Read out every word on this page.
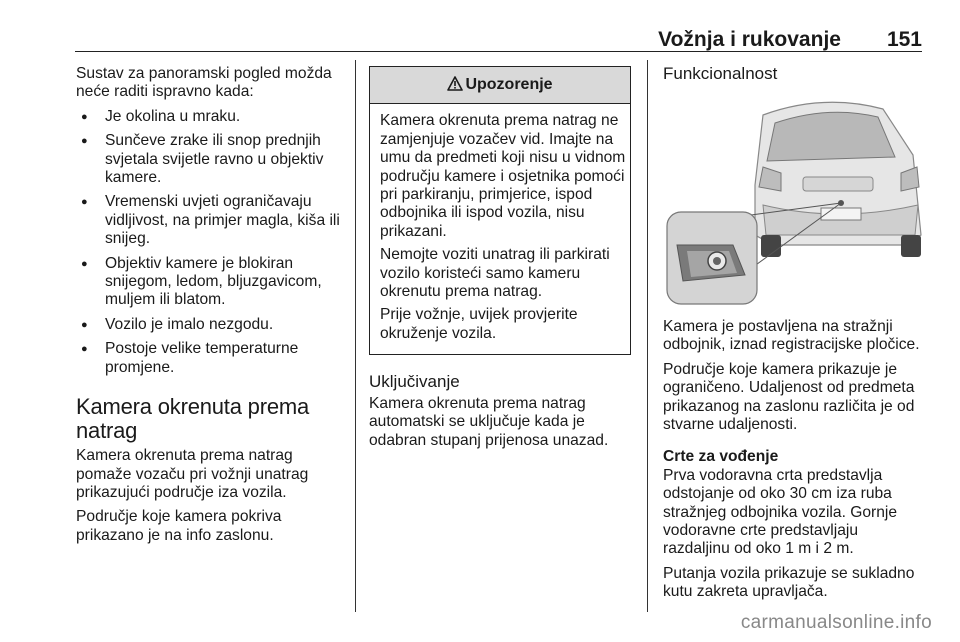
Vožnja i rukovanje 151

Sustav za panoramski pogled možda neće raditi ispravno kada:

● Je okolina u mraku.
● Sunčeve zrake ili snop prednjih svjetala svijetle ravno u objektiv kamere.
● Vremenski uvjeti ograničavaju vidljivost, na primjer magla, kiša ili snijeg.
● Objektiv kamere je blokiran snijegom, ledom, bljuzgavicom, muljem ili blatom.
● Vozilo je imalo nezgodu.
● Postoje velike temperaturne promjene.
Kamera okrenuta prema natrag

Kamera okrenuta prema natrag pomaže vozaču pri vožnji unatrag prikazujući područje iza vozila.

Područje koje kamera pokriva prikazano je na info zaslonu.

Upozorenje

Kamera okrenuta prema natrag ne zamjenjuje vozačev vid. Imajte na umu da predmeti koji nisu u vidnom području kamere i osjetnika pomoći pri parkiranju, primjerice, ispod odbojnika ili ispod vozila, nisu prikazani.

Nemojte voziti unatrag ili parkirati vozilo koristeći samo kameru okrenutu prema natrag.

Prije vožnje, uvijek provjerite okruženje vozila.

Uključivanje

Kamera okrenuta prema natrag automatski se uključuje kada je odabran stupanj prijenosa unazad.

Funkcionalnost

Kamera je postavljena na stražnji odbojnik, iznad registracijske pločice.

Područje koje kamera prikazuje je ograničeno. Udaljenost od predmeta prikazanog na zaslonu različita je od stvarne udaljenosti.

Crte za vođenje

Prva vodoravna crta predstavlja odstojanje od oko 30 cm iza ruba stražnjeg odbojnika vozila. Gornje vodoravne crte predstavljaju razdaljinu od oko 1 m i 2 m.

Putanja vozila prikazuje se sukladno kutu zakreta upravljača.

carmanualsonline.info
